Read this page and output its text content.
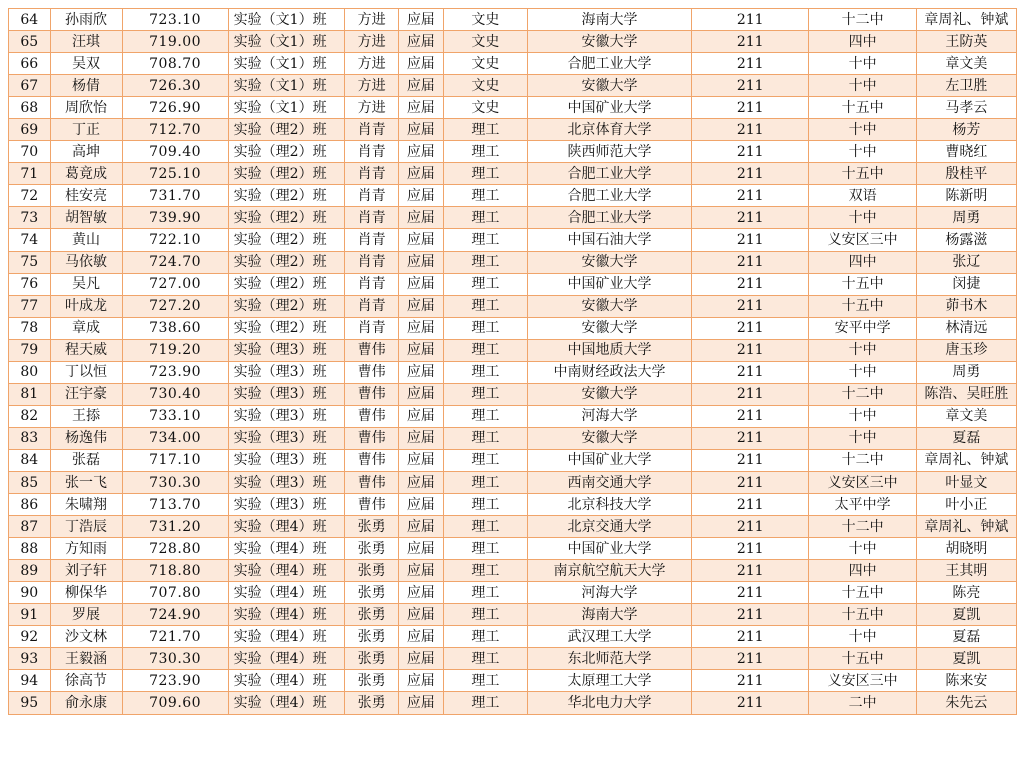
64	孙雨欣	723.10	实验（文1）班	方进	应届	文史	海南大学	211	十二中	章周礼、钟斌
65	汪琪	719.00	实验（文1）班	方进	应届	文史	安徽大学	211	四中	王防英
66	吴双	708.70	实验（文1）班	方进	应届	文史	合肥工业大学	211	十中	章文美
67	杨倩	726.30	实验（文1）班	方进	应届	文史	安徽大学	211	十中	左卫胜
68	周欣怡	726.90	实验（文1）班	方进	应届	文史	中国矿业大学	211	十五中	马孝云
69	丁正	712.70	实验（理2）班	肖青	应届	理工	北京体育大学	211	十中	杨芳
70	高坤	709.40	实验（理2）班	肖青	应届	理工	陕西师范大学	211	十中	曹晓红
71	葛竟成	725.10	实验（理2）班	肖青	应届	理工	合肥工业大学	211	十五中	殷桂平
72	桂安亮	731.70	实验（理2）班	肖青	应届	理工	合肥工业大学	211	双语	陈新明
73	胡智敏	739.90	实验（理2）班	肖青	应届	理工	合肥工业大学	211	十中	周勇
74	黄山	722.10	实验（理2）班	肖青	应届	理工	中国石油大学	211	义安区三中	杨露滋
75	马依敏	724.70	实验（理2）班	肖青	应届	理工	安徽大学	211	四中	张辽
76	吴凡	727.00	实验（理2）班	肖青	应届	理工	中国矿业大学	211	十五中	闵捷
77	叶成龙	727.20	实验（理2）班	肖青	应届	理工	安徽大学	211	十五中	茆书木
78	章成	738.60	实验（理2）班	肖青	应届	理工	安徽大学	211	安平中学	林清远
79	程天威	719.20	实验（理3）班	曹伟	应届	理工	中国地质大学	211	十中	唐玉珍
80	丁以恒	723.90	实验（理3）班	曹伟	应届	理工	中南财经政法大学	211	十中	周勇
81	汪宇豪	730.40	实验（理3）班	曹伟	应届	理工	安徽大学	211	十二中	陈浩、吴旺胜
82	王掭	733.10	实验（理3）班	曹伟	应届	理工	河海大学	211	十中	章文美
83	杨逸伟	734.00	实验（理3）班	曹伟	应届	理工	安徽大学	211	十中	夏磊
84	张磊	717.10	实验（理3）班	曹伟	应届	理工	中国矿业大学	211	十二中	章周礼、钟斌
85	张一飞	730.30	实验（理3）班	曹伟	应届	理工	西南交通大学	211	义安区三中	叶显文
86	朱啸翔	713.70	实验（理3）班	曹伟	应届	理工	北京科技大学	211	太平中学	叶小正
87	丁浩辰	731.20	实验（理4）班	张勇	应届	理工	北京交通大学	211	十二中	章周礼、钟斌
88	方知雨	728.80	实验（理4）班	张勇	应届	理工	中国矿业大学	211	十中	胡晓明
89	刘子轩	718.80	实验（理4）班	张勇	应届	理工	南京航空航天大学	211	四中	王其明
90	柳保华	707.80	实验（理4）班	张勇	应届	理工	河海大学	211	十五中	陈亮
91	罗展	724.90	实验（理4）班	张勇	应届	理工	海南大学	211	十五中	夏凯
92	沙文林	721.70	实验（理4）班	张勇	应届	理工	武汉理工大学	211	十中	夏磊
93	王毅涵	730.30	实验（理4）班	张勇	应届	理工	东北师范大学	211	十五中	夏凯
94	徐高节	723.90	实验（理4）班	张勇	应届	理工	太原理工大学	211	义安区三中	陈来安
95	俞永康	709.60	实验（理4）班	张勇	应届	理工	华北电力大学	211	二中	朱先云
